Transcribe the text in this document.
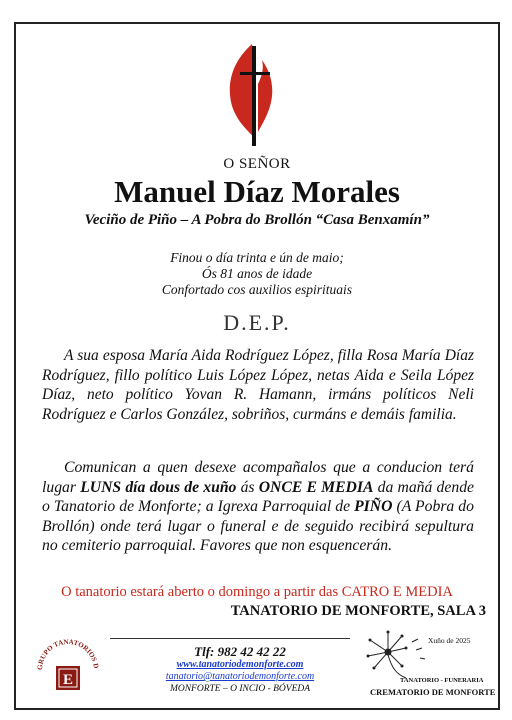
O SEÑOR
Manuel Díaz Morales
Veciño de Piño – A Pobra do Brollón “Casa Benxamín”
Finou o día trinta e ún de maio;
Ós 81 anos de idade
Confortado cos auxilios espirituais
D.E.P.
A sua esposa María Aida Rodríguez López, filla Rosa María Díaz Rodríguez, fillo político Luis López López, netas Aida e Seila López Díaz, neto político Yovan R. Hamann, irmáns políticos Neli Rodríguez e Carlos González, sobriños, curmáns e demáis familia.
Comunican a quen desexe acompañalos que a conducion terá lugar LUNS día dous de xuño ás ONCE E MEDIA da mañá dende o Tanatorio de Monforte; a Igrexa Parroquial de PIÑO (A Pobra do Brollón) onde terá lugar o funeral e de seguido recibirá sepultura no cemiterio parroquial. Favores que non esquencerán.
O tanatorio estará aberto o domingo a partir das CATRO E MEDIA
TANATORIO DE MONFORTE, SALA 3
GRUPO TANATORIOS D
E
Tlf: 982 42 42 22
www.tanatoriodemonforte.com
tanatorio@tanatoriodemonforte.com
MONFORTE – O INCIO - BÓVEDA
Xuño de 2025
TANATORIO - FUNERARIA
CREMATORIO DE MONFORTE
